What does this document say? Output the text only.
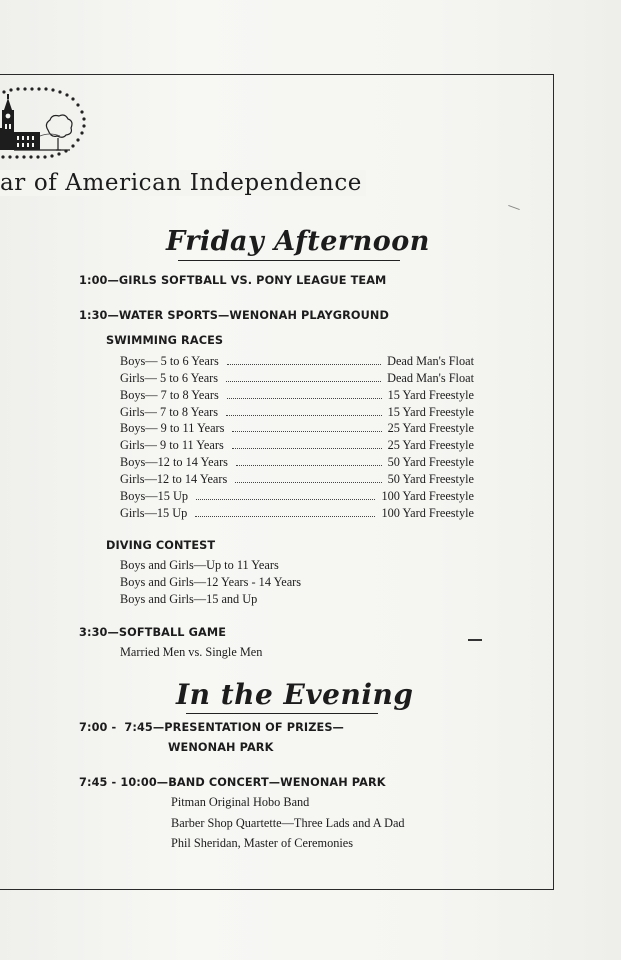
ar of American Independence
Friday Afternoon
1:00—GIRLS SOFTBALL VS. PONY LEAGUE TEAM
1:30—WATER SPORTS—WENONAH PLAYGROUND
SWIMMING RACES
Boys— 5 to 6 Years	Dead Man's Float
Girls— 5 to 6 Years	Dead Man's Float
Boys— 7 to 8 Years	15 Yard Freestyle
Girls— 7 to 8 Years	15 Yard Freestyle
Boys— 9 to 11 Years	25 Yard Freestyle
Girls— 9 to 11 Years	25 Yard Freestyle
Boys—12 to 14 Years	50 Yard Freestyle
Girls—12 to 14 Years	50 Yard Freestyle
Boys—15 Up	100 Yard Freestyle
Girls—15 Up	100 Yard Freestyle
DIVING CONTEST
Boys and Girls—Up to 11 Years
Boys and Girls—12 Years - 14 Years
Boys and Girls—15 and Up
3:30—SOFTBALL GAME
Married Men vs. Single Men
In the Evening
7:00 -  7:45—PRESENTATION OF PRIZES—
WENONAH PARK
7:45 - 10:00—BAND CONCERT—WENONAH PARK
Pitman Original Hobo Band
Barber Shop Quartette—Three Lads and A Dad
Phil Sheridan, Master of Ceremonies
